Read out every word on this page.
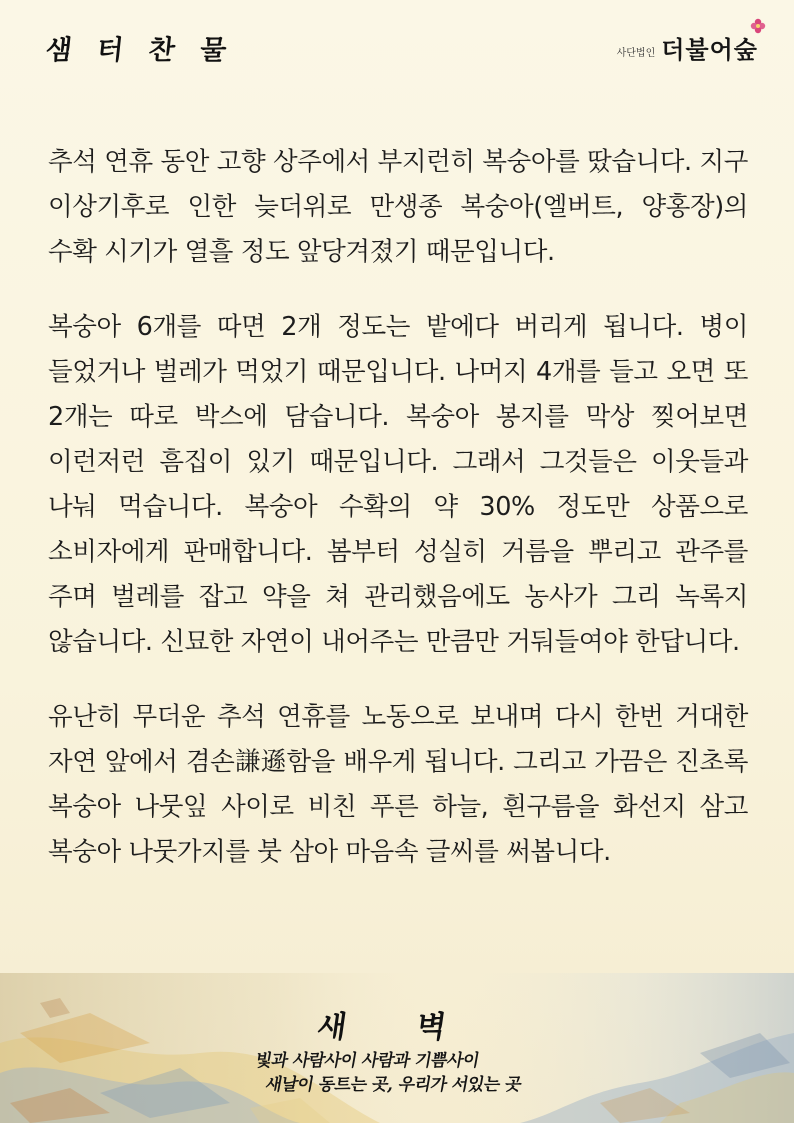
샘 터 찬 물	사단법인 더불어숲

추석 연휴 동안 고향 상주에서 부지런히 복숭아를 땄습니다. 지구 이상기후로 인한 늦더위로 만생종 복숭아(엘버트, 양홍장)의 수확 시기가 열흘 정도 앞당겨졌기 때문입니다.

복숭아 6개를 따면 2개 정도는 밭에다 버리게 됩니다. 병이 들었거나 벌레가 먹었기 때문입니다. 나머지 4개를 들고 오면 또 2개는 따로 박스에 담습니다. 복숭아 봉지를 막상 찢어보면 이런저런 흠집이 있기 때문입니다. 그래서 그것들은 이웃들과 나눠 먹습니다. 복숭아 수확의 약 30% 정도만 상품으로 소비자에게 판매합니다. 봄부터 성실히 거름을 뿌리고 관주를 주며 벌레를 잡고 약을 쳐 관리했음에도 농사가 그리 녹록지 않습니다. 신묘한 자연이 내어주는 만큼만 거둬들여야 한답니다.

유난히 무더운 추석 연휴를 노동으로 보내며 다시 한번 거대한 자연 앞에서 겸손謙遜함을 배우게 됩니다. 그리고 가끔은 진초록 복숭아 나뭇잎 사이로 비친 푸른 하늘, 흰구름을 화선지 삼고 복숭아 나뭇가지를 붓 삼아 마음속 글씨를 써봅니다.

새 벽
빛과 사람사이 사람과 기쁨사이
새날이 동트는 곳, 우리가 서있는 곳
